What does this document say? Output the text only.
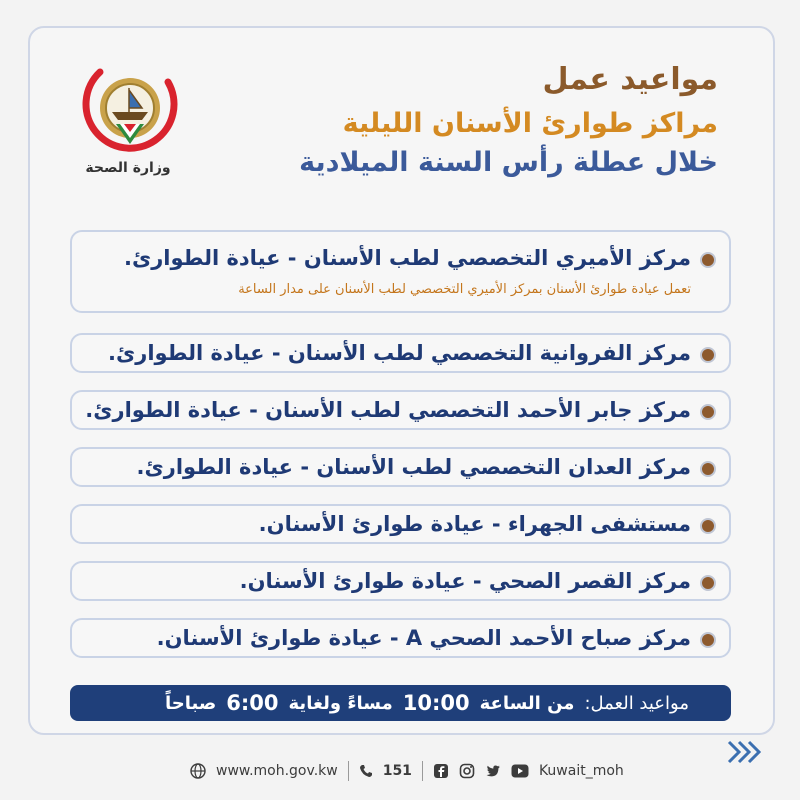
وزارة الصحة
مواعيد عمل
مراكز طوارئ الأسنان الليلية
خلال عطلة رأس السنة الميلادية
مركز الأميري التخصصي لطب الأسنان - عيادة الطوارئ.
تعمل عيادة طوارئ الأسنان بمركز الأميري التخصصي لطب الأسنان على مدار الساعة
مركز الفروانية التخصصي لطب الأسنان - عيادة الطوارئ.
مركز جابر الأحمد التخصصي لطب الأسنان - عيادة الطوارئ.
مركز العدان التخصصي لطب الأسنان - عيادة الطوارئ.
مستشفى الجهراء - عيادة طوارئ الأسنان.
مركز القصر الصحي - عيادة طوارئ الأسنان.
مركز صباح الأحمد الصحي A - عيادة طوارئ الأسنان.
مواعيد العمل:
من الساعة
10:00
مساءً ولغاية
6:00
صباحاً
www.moh.gov.kw	151	Kuwait_moh
